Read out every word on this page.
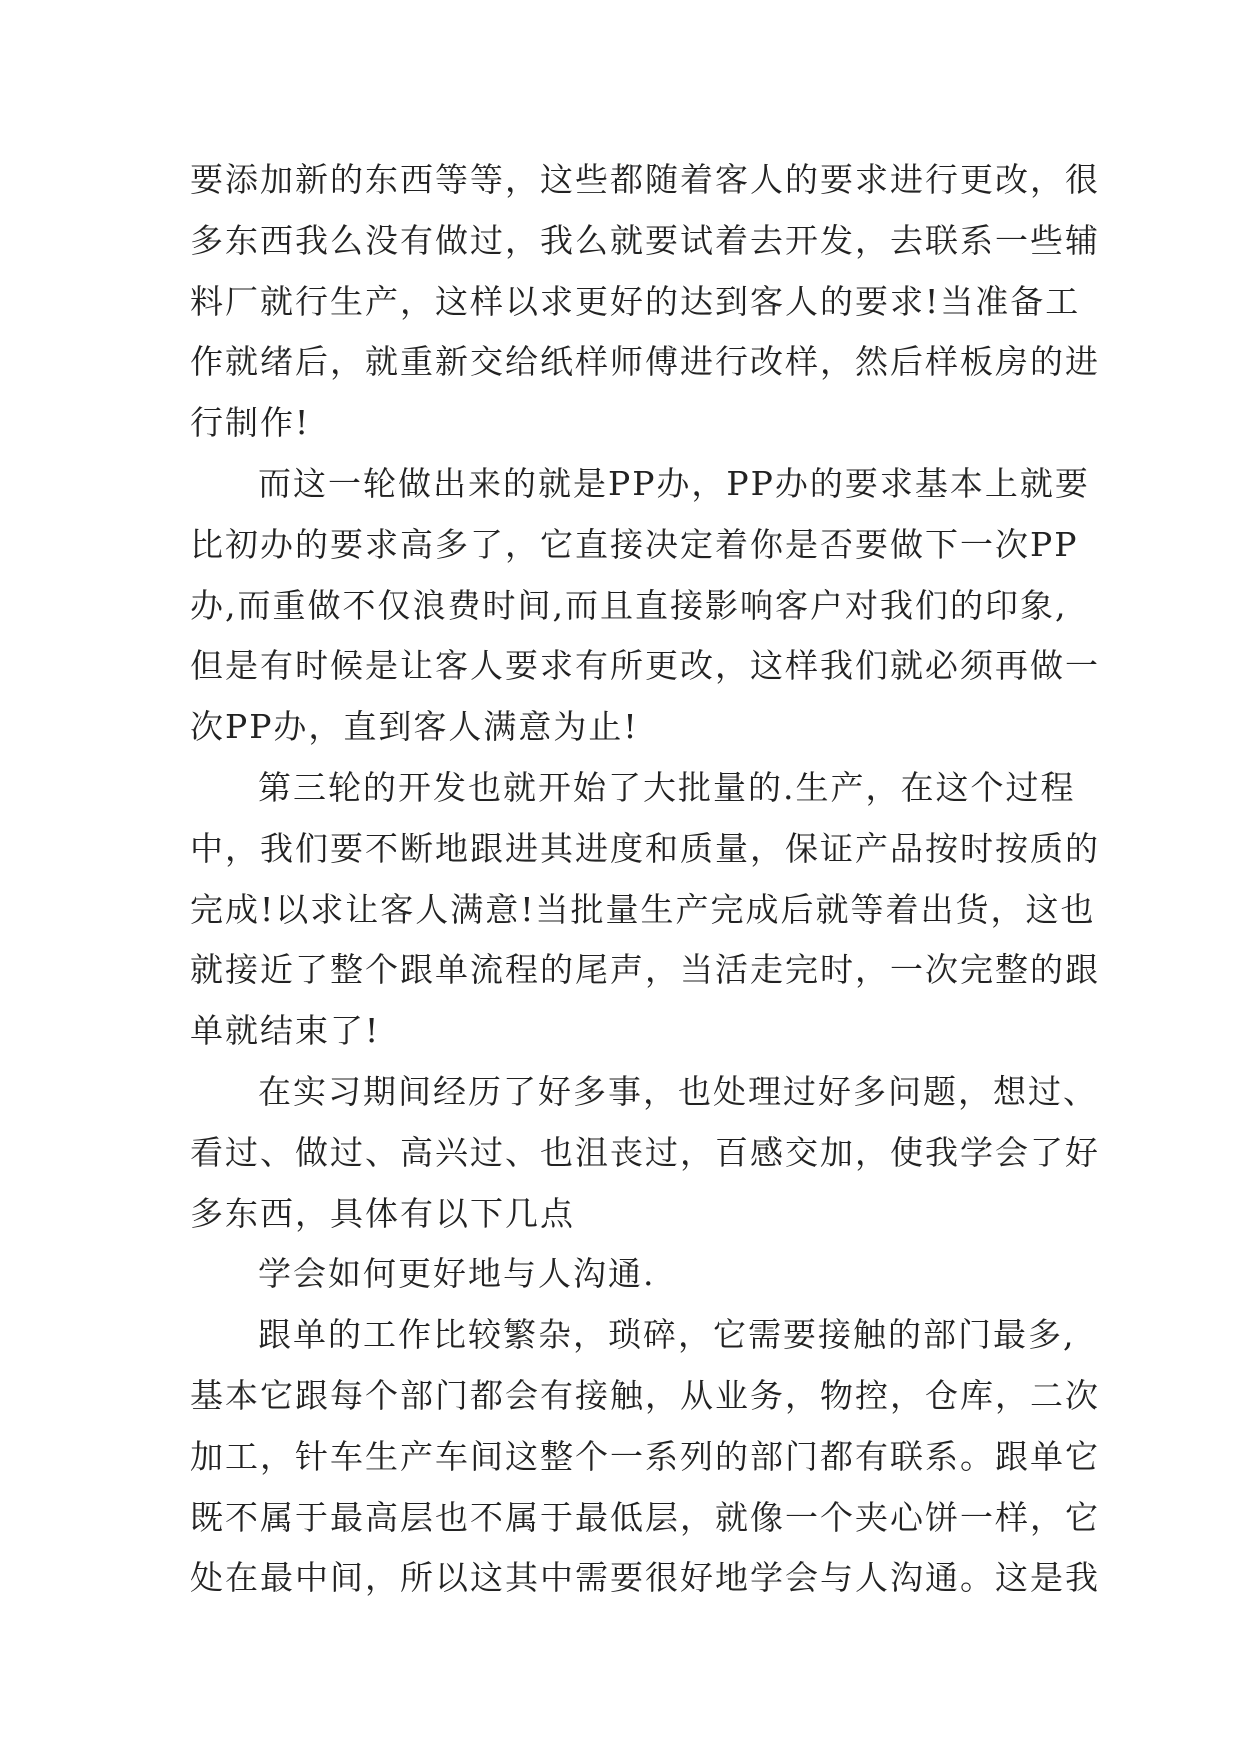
要添加新的东西等等，这些都随着客人的要求进行更改，很
多东西我么没有做过，我么就要试着去开发，去联系一些辅
料厂就行生产，这样以求更好的达到客人的要求!当准备工
作就绪后，就重新交给纸样师傅进行改样，然后样板房的进
行制作!
而这一轮做出来的就是PP办，PP办的要求基本上就要
比初办的要求高多了，它直接决定着你是否要做下一次PP
办,而重做不仅浪费时间,而且直接影响客户对我们的印象,
但是有时候是让客人要求有所更改，这样我们就必须再做一
次PP办，直到客人满意为止!
第三轮的开发也就开始了大批量的.生产，在这个过程
中，我们要不断地跟进其进度和质量，保证产品按时按质的
完成!以求让客人满意!当批量生产完成后就等着出货，这也
就接近了整个跟单流程的尾声，当活走完时，一次完整的跟
单就结束了!
在实习期间经历了好多事，也处理过好多问题，想过、
看过、做过、高兴过、也沮丧过，百感交加，使我学会了好
多东西，具体有以下几点
学会如何更好地与人沟通.
跟单的工作比较繁杂，琐碎，它需要接触的部门最多,
基本它跟每个部门都会有接触，从业务，物控，仓库，二次
加工，针车生产车间这整个一系列的部门都有联系。跟单它
既不属于最高层也不属于最低层，就像一个夹心饼一样，它
处在最中间，所以这其中需要很好地学会与人沟通。这是我
